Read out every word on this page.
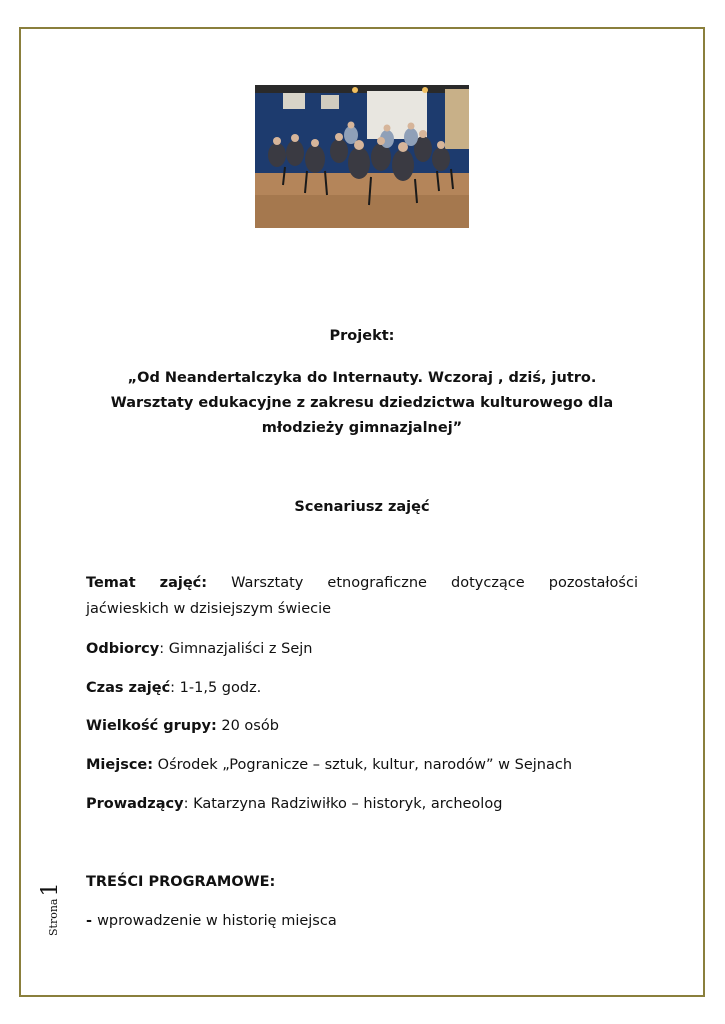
Projekt:
„Od Neandertalczyka do Internauty. Wczoraj , dziś, jutro.
Warsztaty edukacyjne z zakresu dziedzictwa kulturowego dla
młodzieży gimnazjalnej”
Scenariusz zajęć
Temat zajęć: Warsztaty etnograficzne dotyczące pozostałości
jaćwieskich w dzisiejszym świecie
Odbiorcy: Gimnazjaliści z Sejn
Czas zajęć: 1-1,5 godz.
Wielkość grupy: 20 osób
Miejsce: Ośrodek „Pogranicze – sztuk, kultur, narodów” w Sejnach
Prowadzący: Katarzyna Radziwiłko – historyk, archeolog
TREŚCI PROGRAMOWE:
- wprowadzenie w historię miejsca
Strona1
